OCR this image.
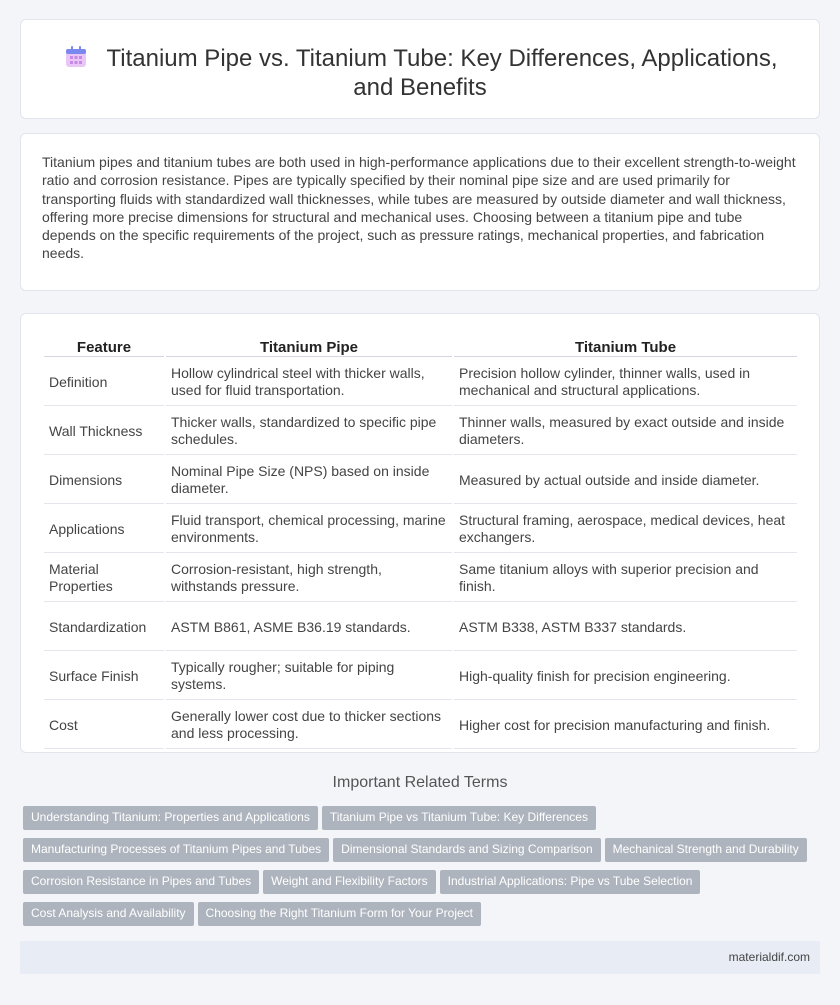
Titanium Pipe vs. Titanium Tube: Key Differences, Applications, and Benefits

Titanium pipes and titanium tubes are both used in high-performance applications due to their excellent strength-to-weight ratio and corrosion resistance. Pipes are typically specified by their nominal pipe size and are used primarily for transporting fluids with standardized wall thicknesses, while tubes are measured by outside diameter and wall thickness, offering more precise dimensions for structural and mechanical uses. Choosing between a titanium pipe and tube depends on the specific requirements of the project, such as pressure ratings, mechanical properties, and fabrication needs.

Feature	Titanium Pipe	Titanium Tube
Definition	Hollow cylindrical steel with thicker walls, used for fluid transportation.	Precision hollow cylinder, thinner walls, used in mechanical and structural applications.
Wall Thickness	Thicker walls, standardized to specific pipe schedules.	Thinner walls, measured by exact outside and inside diameters.
Dimensions	Nominal Pipe Size (NPS) based on inside diameter.	Measured by actual outside and inside diameter.
Applications	Fluid transport, chemical processing, marine environments.	Structural framing, aerospace, medical devices, heat exchangers.
Material Properties	Corrosion-resistant, high strength, withstands pressure.	Same titanium alloys with superior precision and finish.
Standardization	ASTM B861, ASME B36.19 standards.	ASTM B338, ASTM B337 standards.
Surface Finish	Typically rougher; suitable for piping systems.	High-quality finish for precision engineering.
Cost	Generally lower cost due to thicker sections and less processing.	Higher cost for precision manufacturing and finish.
Important Related Terms
Understanding Titanium: Properties and Applications Titanium Pipe vs Titanium Tube: Key Differences
Manufacturing Processes of Titanium Pipes and Tubes Dimensional Standards and Sizing Comparison Mechanical Strength and Durability
Corrosion Resistance in Pipes and Tubes Weight and Flexibility Factors Industrial Applications: Pipe vs Tube Selection
Cost Analysis and Availability Choosing the Right Titanium Form for Your Project
materialdif.com
